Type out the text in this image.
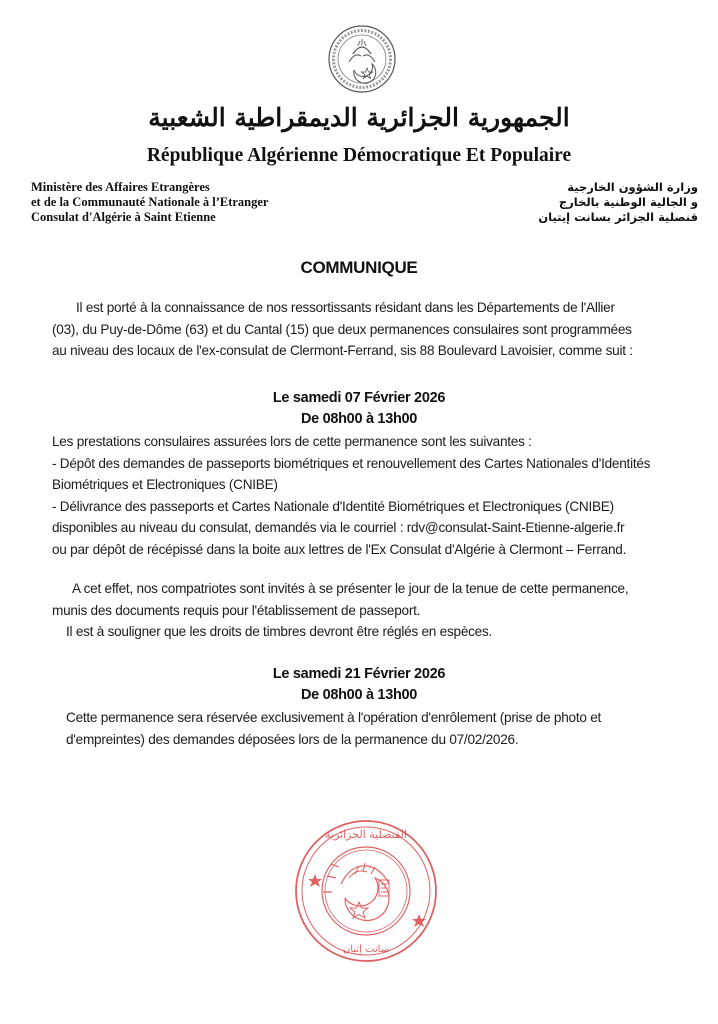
الجمهورية الجزائرية الديمقراطية الشعبية
République Algérienne Démocratique Et Populaire
Ministère des Affaires Etrangères
et de la Communauté Nationale à l’Etranger
Consulat d'Algérie à Saint Etienne
وزارة الشؤون الخارجية
و الجالية الوطنية بالخارج
قنصلية الجزائر بسانت إيتيان
COMMUNIQUE
Il est porté à la connaissance de nos ressortissants résidant dans les Départements de l'Allier
(03), du Puy-de-Dôme (63) et du Cantal (15) que deux permanences consulaires sont programmées
au niveau des locaux de l'ex-consulat de Clermont-Ferrand, sis 88 Boulevard Lavoisier, comme suit :
Le samedi 07 Février 2026
De 08h00 à 13h00
Les prestations consulaires assurées lors de cette permanence sont les suivantes :
- Dépôt des demandes de passeports biométriques et renouvellement des Cartes Nationales d'Identités
Biométriques et Electroniques (CNIBE)
- Délivrance des passeports et Cartes Nationale d'Identité Biométriques et Electroniques (CNIBE)
disponibles au niveau du consulat, demandés via le courriel : rdv@consulat-Saint-Etienne-algerie.fr
ou par dépôt de récépissé dans la boite aux lettres de l'Ex Consulat d'Algérie à Clermont – Ferrand.
A cet effet, nos compatriotes sont invités à se présenter le jour de la tenue de cette permanence,
munis des documents requis pour l'établissement de passeport.
Il est à souligner que les droits de timbres devront être réglés en espèces.
Le samedi 21 Février 2026
De 08h00 à 13h00
Cette permanence sera réservée exclusivement à l'opération d'enrôlement (prise de photo et
d'empreintes) des demandes déposées lors de la permanence du 07/02/2026.
القنصلية الجزائرية
سانت إتيان
